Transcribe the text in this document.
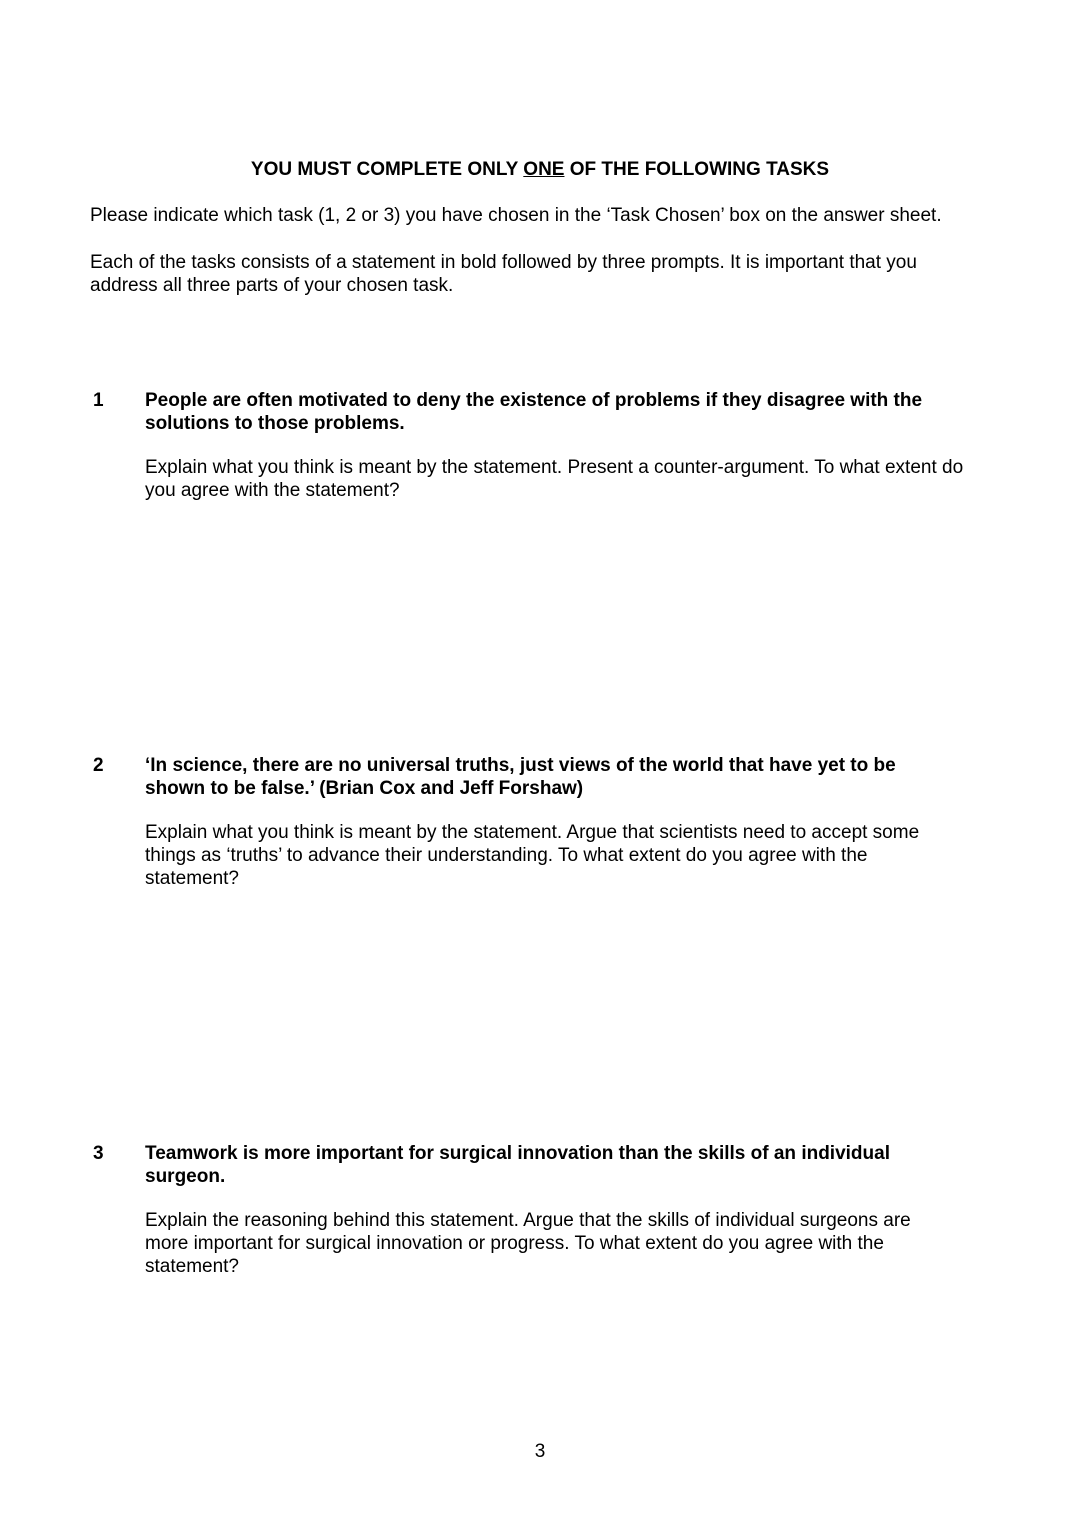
YOU MUST COMPLETE ONLY ONE OF THE FOLLOWING TASKS

Please indicate which task (1, 2 or 3) you have chosen in the ‘Task Chosen’ box on the answer sheet.

Each of the tasks consists of a statement in bold followed by three prompts. It is important that you address all three parts of your chosen task.

1 People are often motivated to deny the existence of problems if they disagree with the solutions to those problems.

Explain what you think is meant by the statement. Present a counter-argument. To what extent do you agree with the statement?

2 ‘In science, there are no universal truths, just views of the world that have yet to be shown to be false.’ (Brian Cox and Jeff Forshaw)

Explain what you think is meant by the statement. Argue that scientists need to accept some things as ‘truths’ to advance their understanding. To what extent do you agree with the statement?

3 Teamwork is more important for surgical innovation than the skills of an individual surgeon.

Explain the reasoning behind this statement. Argue that the skills of individual surgeons are more important for surgical innovation or progress. To what extent do you agree with the statement?

3
